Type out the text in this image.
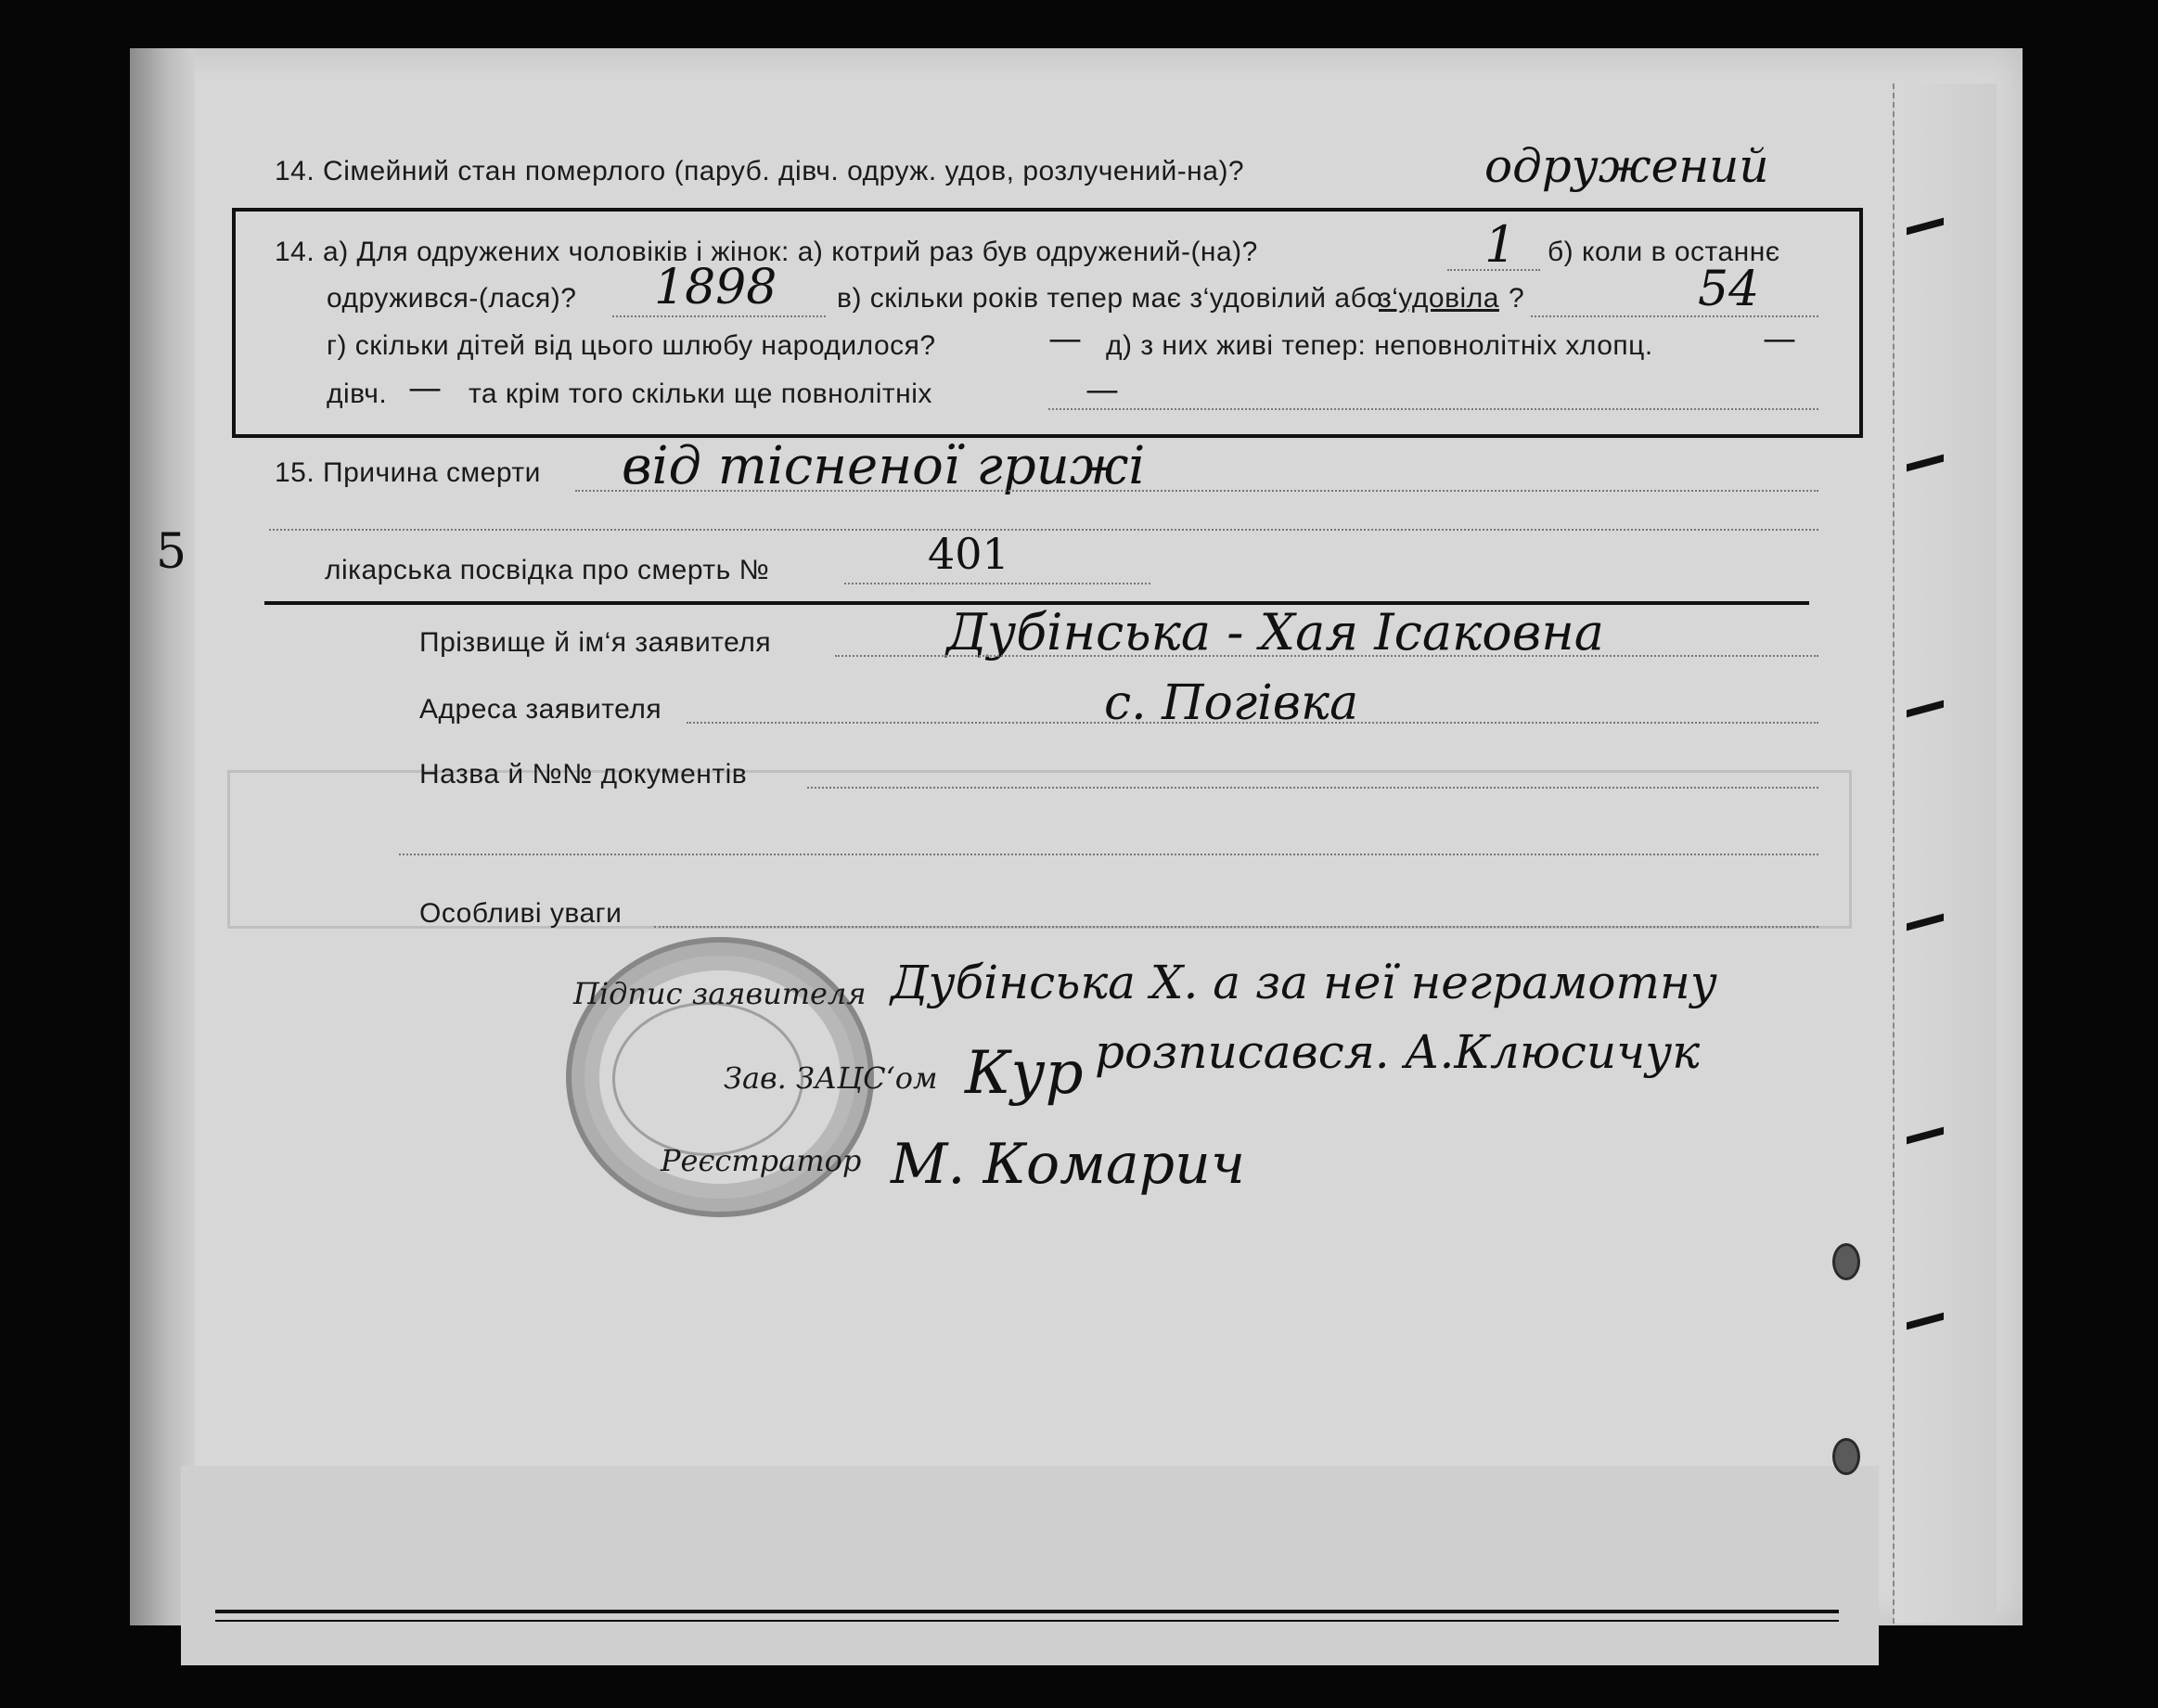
5
14. Сімейний стан померлого (паруб. дівч. одруж. удов, розлучений-на)?	одружений
14. а) Для одружених чоловіків і жінок: а) котрий раз був одружений-(на)?	1 б) коли в останнє
одружився-(лася)? 1898 в) скільки років тепер має з‘удовілий або
з‘удовіла ?	54
г) скільки дітей від цього шлюбу народилося?	— д) з них живі тепер: неповнолітніх хлопц.	—
дівч. — та крім того скільки ще повнолітніх	—
15. Причина смерти від тісненої грижі
лікарська посвідка про смерть №	401
Прізвище й ім‘я заявителя	Дубінська - Хая Ісаковна
Адреса заявителя	с. Погівка
Назва й №№ документів
Особливі уваги
Підпис заявителя Дубінська Х. а за неї неграмотну
розписався. А.Клюсичук
Зав. ЗАЦС‘ом Кур
Реєстратор М. Комарич
